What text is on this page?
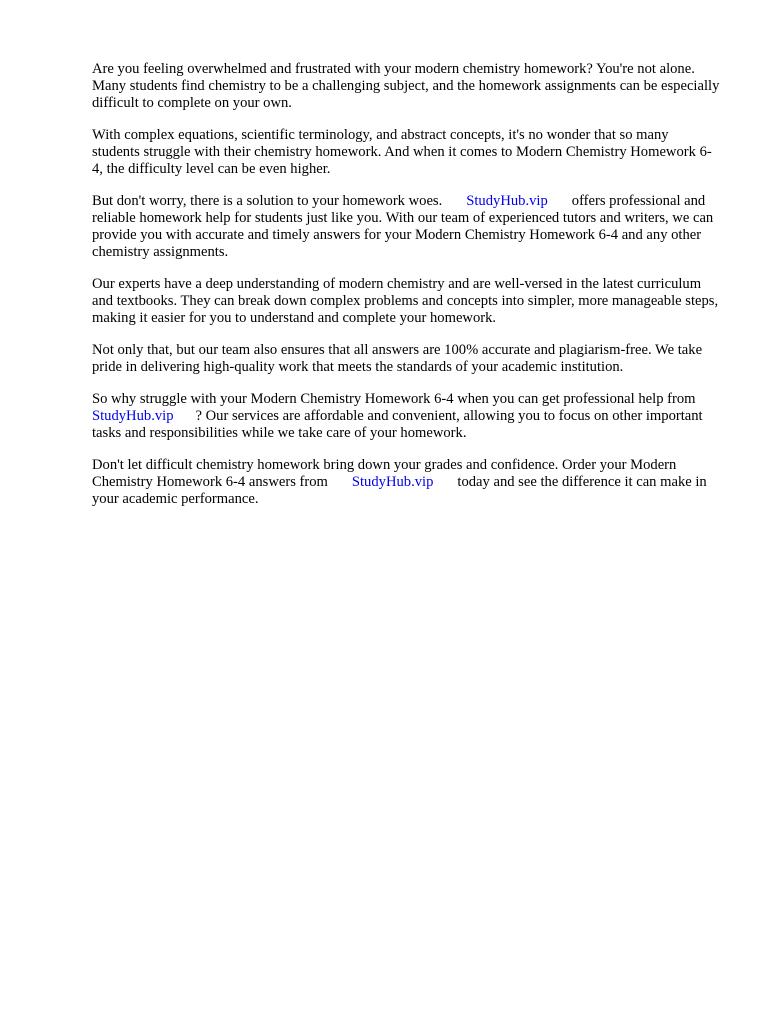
Are you feeling overwhelmed and frustrated with your modern chemistry homework? You're not alone. Many students find chemistry to be a challenging subject, and the homework assignments can be especially difficult to complete on your own.

With complex equations, scientific terminology, and abstract concepts, it's no wonder that so many students struggle with their chemistry homework. And when it comes to Modern Chemistry Homework 6-4, the difficulty level can be even higher.

But don't worry, there is a solution to your homework woes. StudyHub.vip offers professional and reliable homework help for students just like you. With our team of experienced tutors and writers, we can provide you with accurate and timely answers for your Modern Chemistry Homework 6-4 and any other chemistry assignments.

Our experts have a deep understanding of modern chemistry and are well-versed in the latest curriculum and textbooks. They can break down complex problems and concepts into simpler, more manageable steps, making it easier for you to understand and complete your homework.

Not only that, but our team also ensures that all answers are 100% accurate and plagiarism-free. We take pride in delivering high-quality work that meets the standards of your academic institution.

So why struggle with your Modern Chemistry Homework 6-4 when you can get professional help fromStudyHub.vip ? Our services are affordable and convenient, allowing you to focus on other important tasks and responsibilities while we take care of your homework.

Don't let difficult chemistry homework bring down your grades and confidence. Order your Modern Chemistry Homework 6-4 answers from StudyHub.vip today and see the difference it can make in your academic performance.
